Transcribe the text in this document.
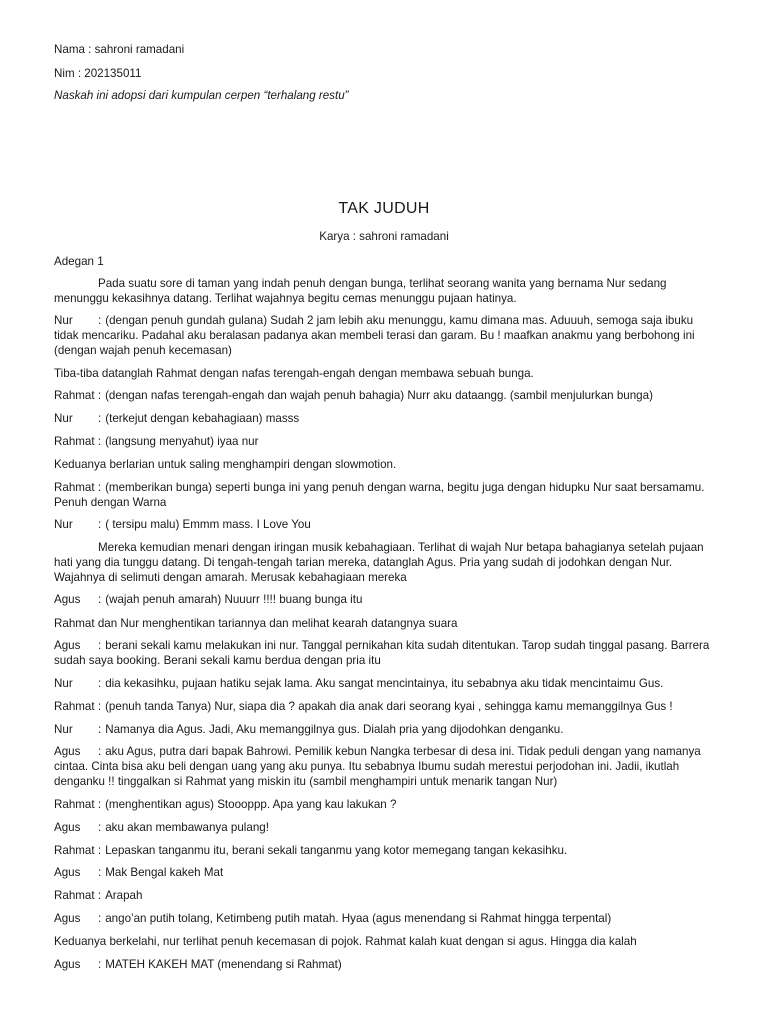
Nama : sahroni ramadani
Nim : 202135011
Naskah ini adopsi dari kumpulan cerpen “terhalang restu”
TAK JUDUH
Karya : sahroni ramadani
Adegan 1
Pada suatu sore di taman yang indah penuh dengan bunga, terlihat seorang wanita yang bernama Nur sedang menunggu kekasihnya datang. Terlihat wajahnya begitu cemas menunggu pujaan hatinya.
Nur : (dengan penuh gundah gulana) Sudah 2 jam lebih aku menunggu, kamu dimana mas. Aduuuh, semoga saja ibuku tidak mencariku. Padahal aku beralasan padanya akan membeli terasi dan garam. Bu ! maafkan anakmu yang berbohong ini (dengan wajah penuh kecemasan)
Tiba-tiba datanglah Rahmat dengan nafas terengah-engah dengan membawa sebuah bunga.
Rahmat : (dengan nafas terengah-engah dan wajah penuh bahagia) Nurr aku dataangg. (sambil menjulurkan bunga)
Nur : (terkejut dengan kebahagiaan) masss
Rahmat : (langsung menyahut) iyaa nur
Keduanya berlarian untuk saling menghampiri dengan slowmotion.
Rahmat : (memberikan bunga) seperti bunga ini yang penuh dengan warna, begitu juga dengan hidupku Nur saat bersamamu. Penuh dengan Warna
Nur : ( tersipu malu) Emmm mass. I Love You
Mereka kemudian menari dengan iringan musik kebahagiaan. Terlihat di wajah Nur betapa bahagianya setelah pujaan hati yang dia tunggu datang. Di tengah-tengah tarian mereka, datanglah Agus. Pria yang sudah di jodohkan dengan Nur. Wajahnya di selimuti dengan amarah. Merusak kebahagiaan mereka
Agus : (wajah penuh amarah) Nuuurr !!!! buang bunga itu
Rahmat dan Nur menghentikan tariannya dan melihat kearah datangnya suara
Agus : berani sekali kamu melakukan ini nur. Tanggal pernikahan kita sudah ditentukan. Tarop sudah tinggal pasang. Barrera sudah saya booking. Berani sekali kamu berdua dengan pria itu
Nur : dia kekasihku, pujaan hatiku sejak lama. Aku sangat mencintainya, itu sebabnya aku tidak mencintaimu Gus.
Rahmat : (penuh tanda Tanya) Nur, siapa dia ? apakah dia anak dari seorang kyai , sehingga kamu memanggilnya Gus !
Nur : Namanya dia Agus. Jadi, Aku memanggilnya gus. Dialah pria yang dijodohkan denganku.
Agus : aku Agus, putra dari bapak Bahrowi. Pemilik kebun Nangka terbesar di desa ini. Tidak peduli dengan yang namanya cintaa. Cinta bisa aku beli dengan uang yang aku punya. Itu sebabnya Ibumu sudah merestui perjodohan ini. Jadii, ikutlah denganku !! tinggalkan si Rahmat yang miskin itu (sambil menghampiri untuk menarik tangan Nur)
Rahmat : (menghentikan agus) Stoooppp. Apa yang kau lakukan ?
Agus : aku akan membawanya pulang!
Rahmat : Lepaskan tanganmu itu, berani sekali tanganmu yang kotor memegang tangan kekasihku.
Agus : Mak Bengal kakeh Mat
Rahmat : Arapah
Agus : ango’an putih tolang, Ketimbeng putih matah. Hyaa (agus menendang si Rahmat hingga terpental)
Keduanya berkelahi, nur terlihat penuh kecemasan di pojok. Rahmat kalah kuat dengan si agus. Hingga dia kalah
Agus : MATEH KAKEH MAT (menendang si Rahmat)
